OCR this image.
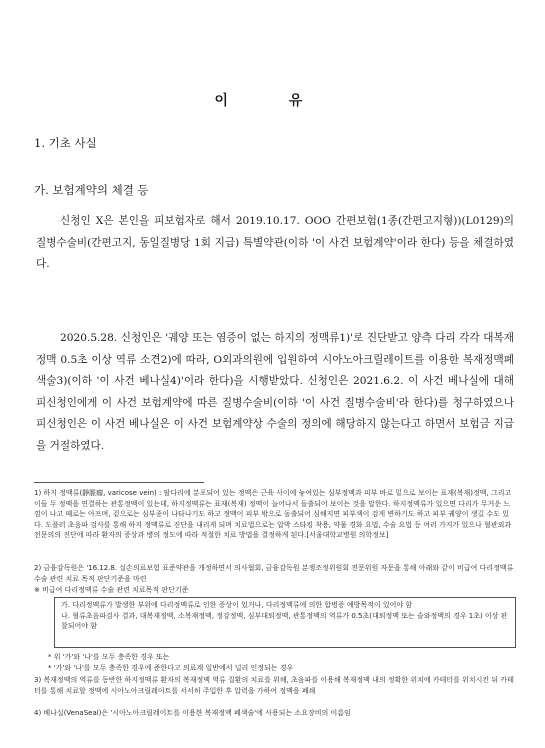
이 유
1. 기초 사실
가. 보험계약의 체결 등
신청인 X은 본인을 피보험자로 해서 2019.10.17. OOO 간편보험(1종(간편고지형))(L0129)의 질병수술비(간편고지, 동일질병당 1회 지급) 특별약관(이하 '이 사건 보험계약'이라 한다) 등을 체결하였다.
2020.5.28. 신청인은 '궤양 또는 염증이 없는 하지의 정맥류1)'로 진단받고 양측 다리 각각 대복재 정맥 0.5초 이상 역류 소견2)에 따라, O외과의원에 입원하여 시아노아크릴레이트를 이용한 복재정맥폐색술3)(이하 '이 사건 베나실4)'이라 한다)을 시행받았다. 신청인은 2021.6.2. 이 사건 베나실에 대해 피신청인에게 이 사건 보험계약에 따른 질병수술비(이하 '이 사건 질병수술비'라 한다)를 청구하였으나 피신청인은 이 사건 베나실은 이 사건 보험계약상 수술의 정의에 해당하지 않는다고 하면서 보험금 지급을 거절하였다.
1) 하지 정맥류(靜脈瘤, varicose vein) : 팔다리에 분포되어 있는 정맥은 근육 사이에 놓여있는 심부정맥과 피부 바로 밑으로 보이는 표재(복재)정맥, 그리고 이들 두 정맥을 연결하는 관통정맥이 있는데, 하지정맥류는 표재(복재) 정맥이 늘어나서 돌출되어 보이는 것을 말한다. 하지정맥류가 있으면 다리가 무거운 느낌이 나고 때로는 아프며, 겉으로는 심부종이 나타나기도 하고 정맥이 피부 밖으로 돌출되어 심해지면 피부색이 검게 변하기도 하고 피부 궤양이 생길 수도 있다. 도플러 초음파 검사를 통해 하지 정맥류로 진단을 내리게 되며 치료법으로는 압박 스타킹 착용, 약물 경화 요법, 수술 요법 등 여러 가지가 있으나 혈관외과 전문의의 진단에 따라 환자의 증상과 병의 정도에 따라 적절한 치료 방법을 결정하게 된다.[서울대학교병원 의학정보]
2) 금융감독원은 '16.12.8. 실손의료보험 표준약관을 개정하면서 의사협회, 금융감독원 분쟁조정위원회 전문위원 자문을 통해 아래와 같이 비급여 다리정맥류 수술 관련 치료 목적 판단기준을 마련
※ 비급여 다리정맥류 수술 관련 치료목적 판단기준
가. 다리정맥류가 발생한 부위에 다리정맥류로 인한 증상이 있거나, 다리정맥류에 의한 합병증 예방목적이 있어야 함
나. 혈류초음파검사 결과, 대복재정맥, 소복재정맥, 정강정맥, 심부대퇴정맥, 관통정맥의 역류가 0.5초(대퇴정맥 또는 슬와정맥의 경우 1초) 이상 판찰되어야 함
* 위 '가'와 '나'를 모두 충족한 경우 또는
* '가'와 '나'를 모두 충족한 경우에 준한다고 의료계 일반에서 널리 인정되는 경우
3) 복재정맥의 역류를 동반한 하지정맥류 환자의 복재정맥 역류 질환의 치료를 위해, 초음파를 이용해 복재정맥 내의 정확한 위치에 카테터를 위치시킨 뒤 카테터를 통해 치료할 정맥에 시아노아크릴레이트를 서서히 주입한 후 압력을 가하여 정맥을 폐쇄
4) 베나실(VenaSeal)은 '시아노아크릴레이트를 이용한 복재정맥 폐색술'에 사용되는 소요장비의 이름임
